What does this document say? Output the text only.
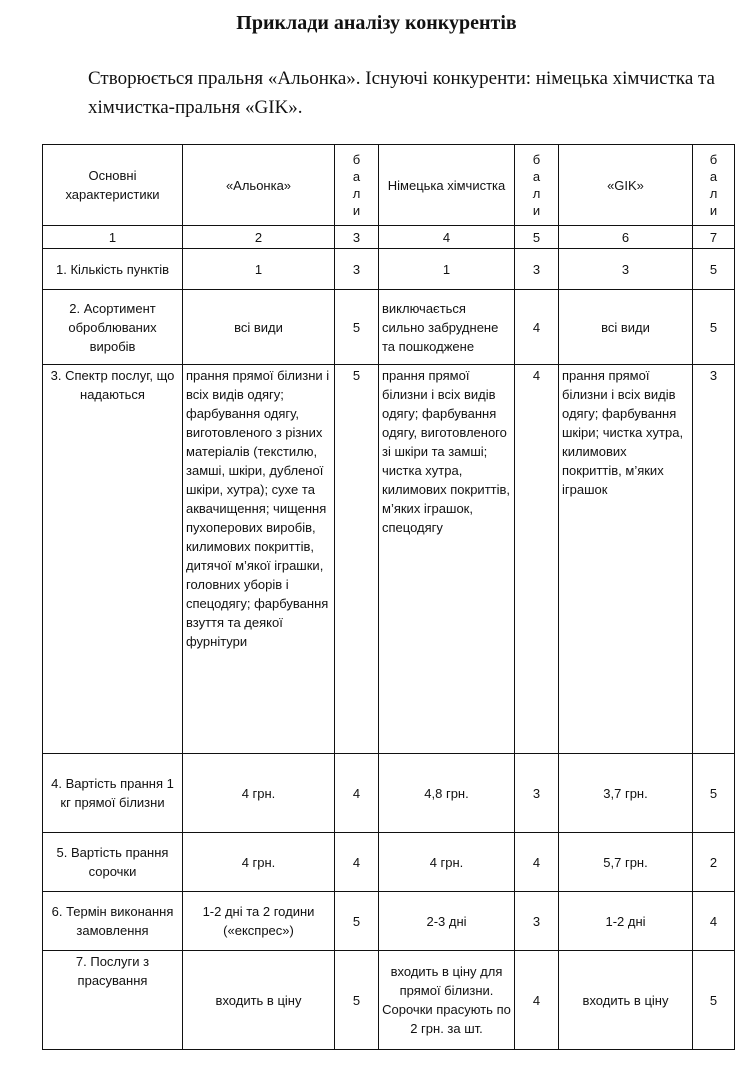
Приклади аналізу конкурентів
Створюється пральня «Альонка». Існуючі конкуренти: німецька хімчистка та хімчистка-пральня «GIK».
Основні характеристики	«Альонка»	б
а
л
и	Німецька хімчистка	б
а
л
и	«GIK»	б
а
л
и

1	2	3	4	5	6	7
1. Кількість пунктів	1	3	1	3	3	5
2. Асортимент оброблюваних виробів	всі види	5	виключається сильно забруднене та пошкоджене	4	всі види	5
3. Спектр послуг, що надаються	прання прямої білизни і всіх видів одягу; фарбування одягу, виготовленого з різних матеріалів (текстилю, замші, шкіри, дубленої шкіри, хутра); сухе та аквачищення; чищення пухоперових виробів, килимових покриттів, дитячої м’якої іграшки, головних уборів і спецодягу; фарбування взуття та деякої фурнітури	5	прання прямої білизни і всіх видів одягу; фарбування одягу, виготовленого зі шкіри та замші; чистка хутра, килимових покриттів, м’яких іграшок, спецодягу	4	прання прямої білизни і всіх видів одягу; фарбування шкіри; чистка хутра, килимових покриттів, м’яких іграшок	3
4. Вартість прання 1 кг прямої білизни	4 грн.	4	4,8 грн.	3	3,7 грн.	5
5. Вартість прання сорочки	4 грн.	4	4 грн.	4	5,7 грн.	2
6. Термін виконання замовлення	1-2 дні та 2 години («експрес»)	5	2-3 дні	3	1-2 дні	4
7. Послуги з прасування	входить в ціну	5	входить в ціну для прямої білизни. Сорочки прасують по 2 грн. за шт.	4	входить в ціну	5
